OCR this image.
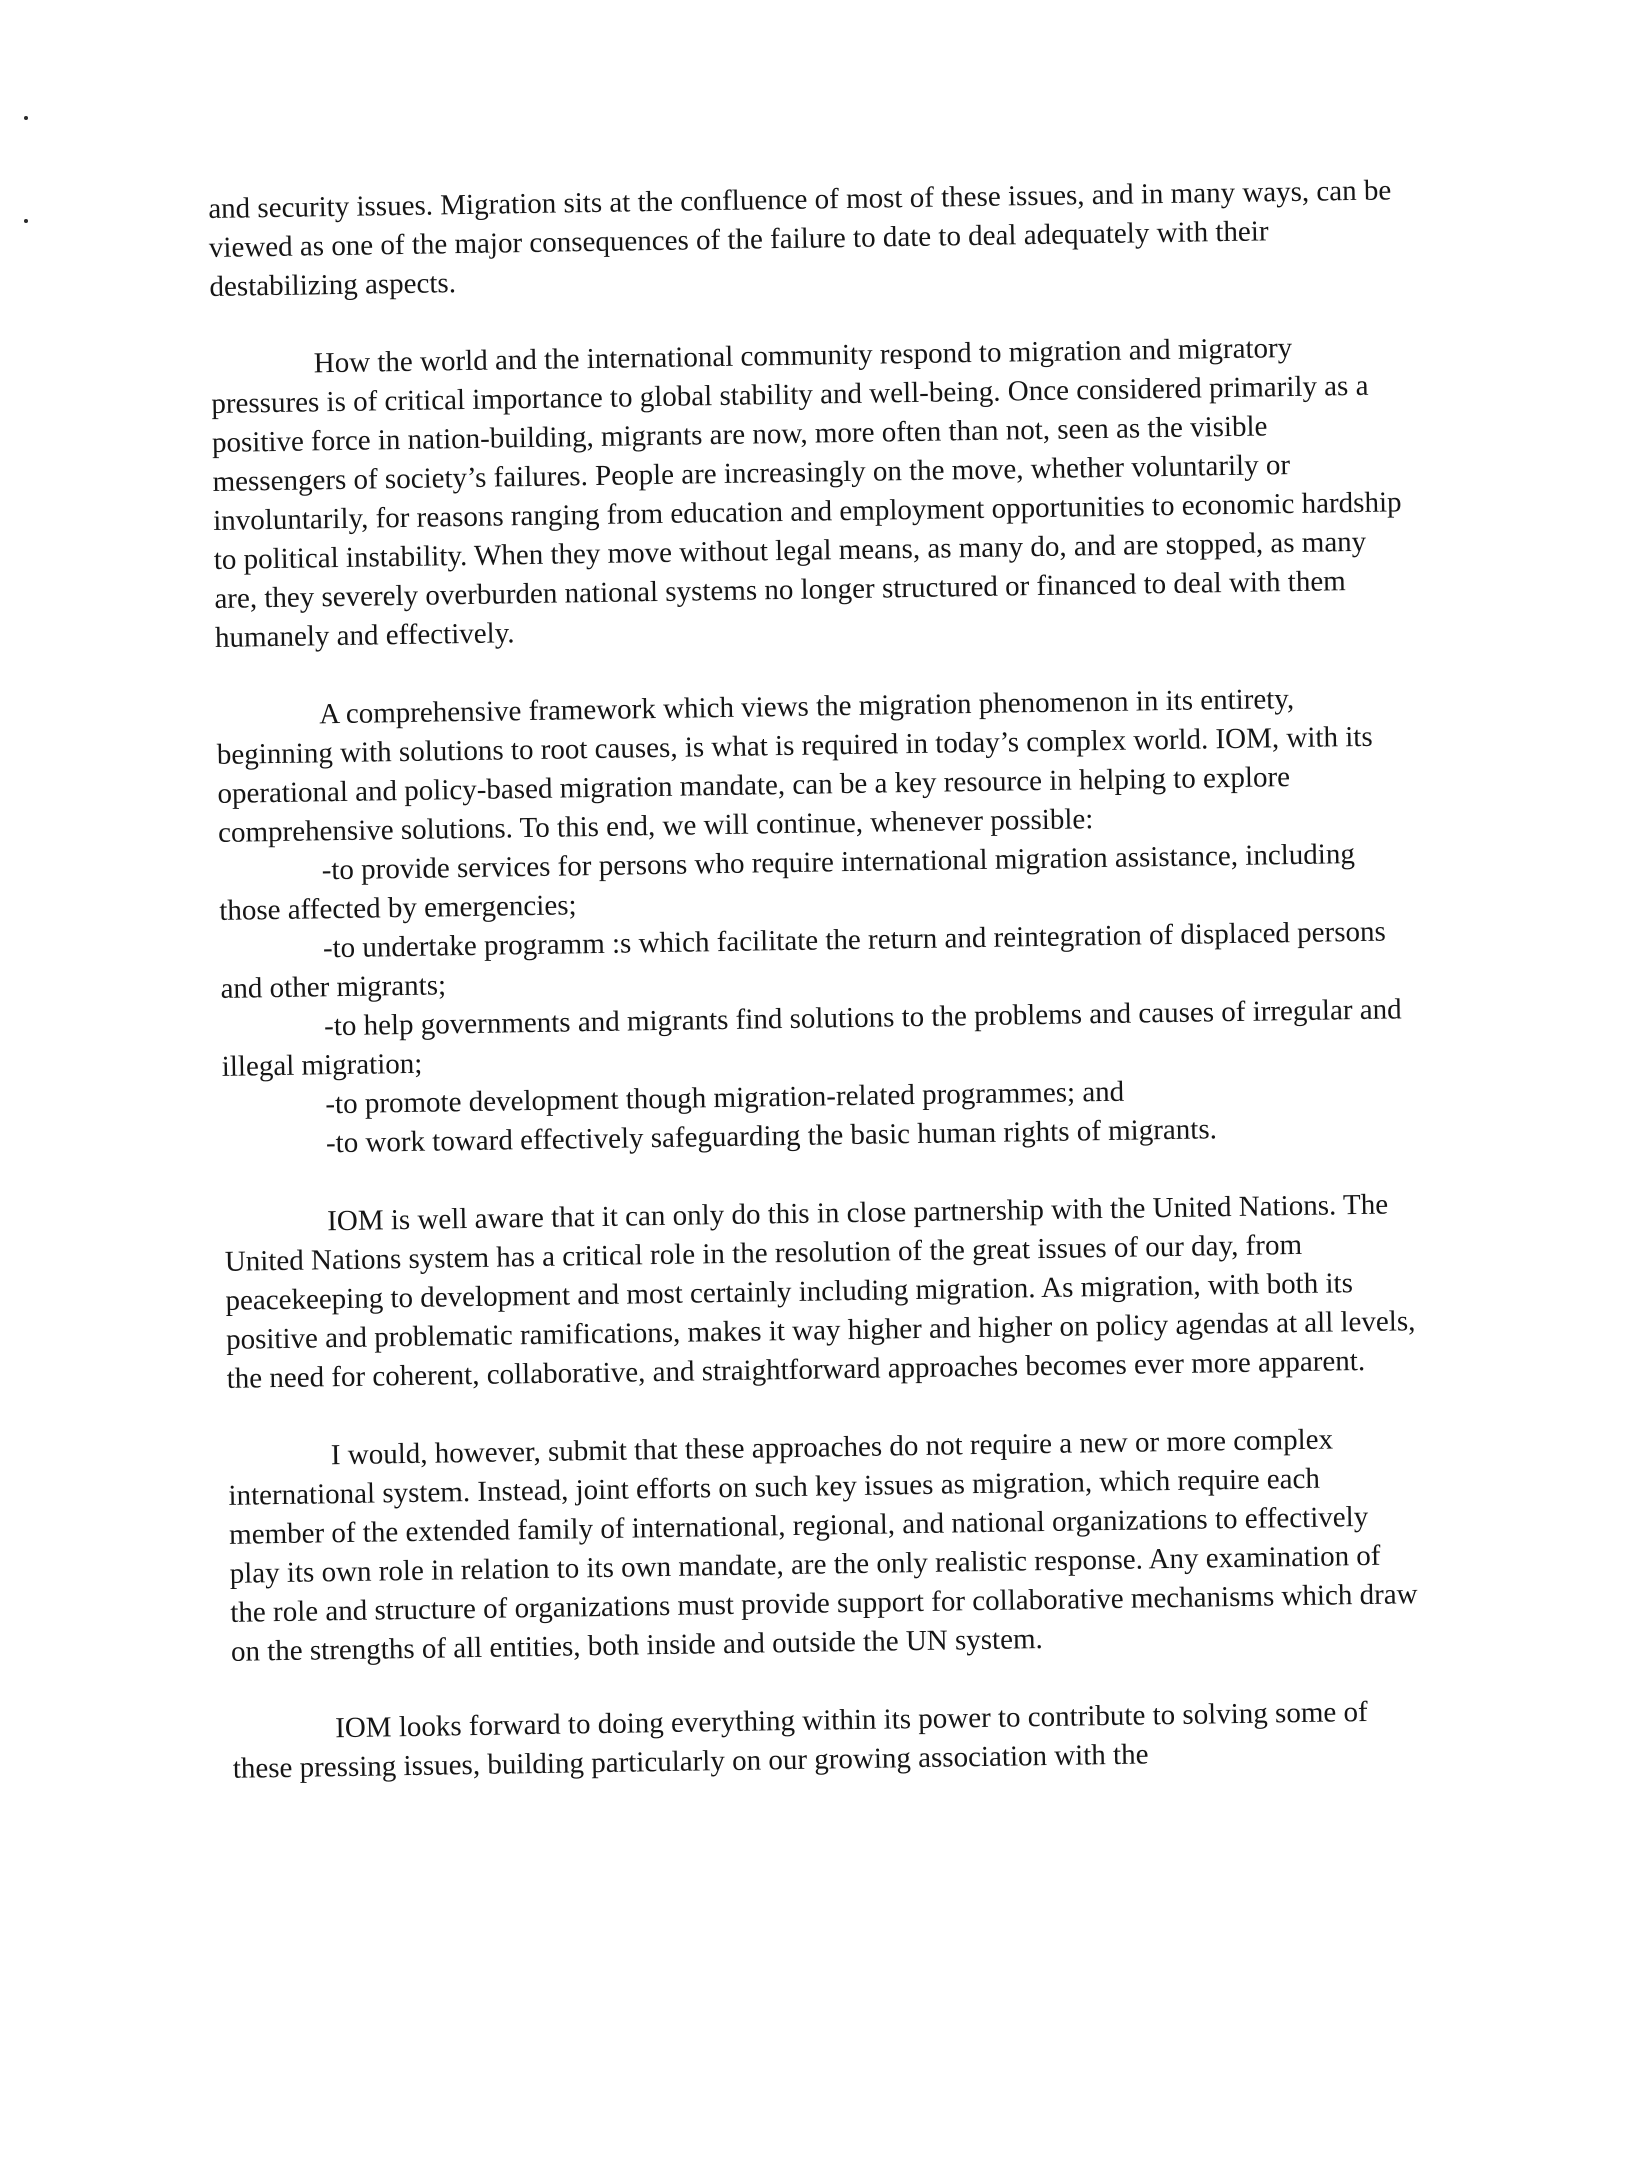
and security issues. Migration sits at the confluence of most of these issues, and in many ways, can be viewed as one of the major consequences of the failure to date to deal adequately with their destabilizing aspects.

How the world and the international community respond to migration and migratory pressures is of critical importance to global stability and well-being. Once considered primarily as a positive force in nation-building, migrants are now, more often than not, seen as the visible messengers of society’s failures. People are increasingly on the move, whether voluntarily or involuntarily, for reasons ranging from education and employment opportunities to economic hardship to political instability. When they move without legal means, as many do, and are stopped, as many are, they severely overburden national systems no longer structured or financed to deal with them humanely and effectively.

A comprehensive framework which views the migration phenomenon in its entirety, beginning with solutions to root causes, is what is required in today’s complex world. IOM, with its operational and policy-based migration mandate, can be a key resource in helping to explore comprehensive solutions. To this end, we will continue, whenever possible:

-to provide services for persons who require international migration assistance, including those affected by emergencies;
-to undertake programm :s which facilitate the return and reintegration of displaced persons and other migrants;
-to help governments and migrants find solutions to the problems and causes of irregular and illegal migration;
-to promote development though migration-related programmes; and
-to work toward effectively safeguarding the basic human rights of migrants.

IOM is well aware that it can only do this in close partnership with the United Nations. The United Nations system has a critical role in the resolution of the great issues of our day, from peacekeeping to development and most certainly including migration. As migration, with both its positive and problematic ramifications, makes it way higher and higher on policy agendas at all levels, the need for coherent, collaborative, and straightforward approaches becomes ever more apparent.

I would, however, submit that these approaches do not require a new or more complex international system. Instead, joint efforts on such key issues as migration, which require each member of the extended family of international, regional, and national organizations to effectively play its own role in relation to its own mandate, are the only realistic response. Any examination of the role and structure of organizations must provide support for collaborative mechanisms which draw on the strengths of all entities, both inside and outside the UN system.

IOM looks forward to doing everything within its power to contribute to solving some of these pressing issues, building particularly on our growing association with the
